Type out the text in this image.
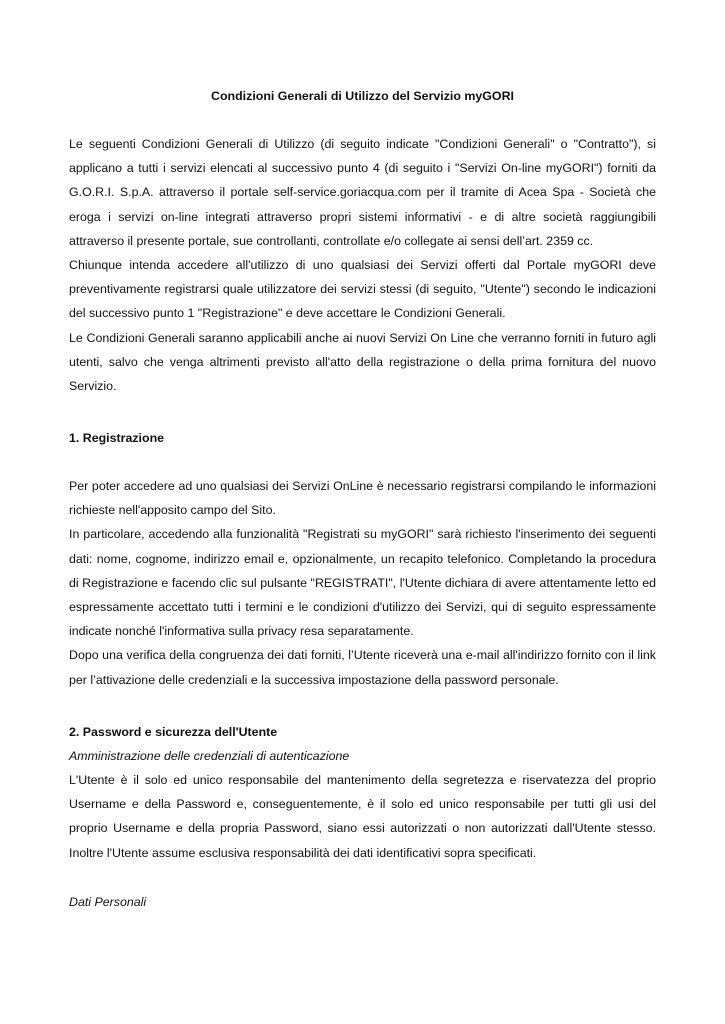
Condizioni Generali di Utilizzo del Servizio myGORI

Le seguenti Condizioni Generali di Utilizzo (di seguito indicate "Condizioni Generali" o "Contratto"), si applicano a tutti i servizi elencati al successivo punto 4 (di seguito i "Servizi On-line myGORI") forniti da G.O.R.I. S.p.A. attraverso il portale self-service.goriacqua.com per il tramite di Acea Spa - Società che eroga i servizi on-line integrati attraverso propri sistemi informativi - e di altre società raggiungibili attraverso il presente portale, sue controllanti, controllate e/o collegate ai sensi dell’art. 2359 cc.

Chiunque intenda accedere all'utilizzo di uno qualsiasi dei Servizi offerti dal Portale myGORI deve preventivamente registrarsi quale utilizzatore dei servizi stessi (di seguito, "Utente") secondo le indicazioni del successivo punto 1 "Registrazione" e deve accettare le Condizioni Generali.

Le Condizioni Generali saranno applicabili anche ai nuovi Servizi On Line che verranno forniti in futuro agli utenti, salvo che venga altrimenti previsto all'atto della registrazione o della prima fornitura del nuovo Servizio.

1. Registrazione

Per poter accedere ad uno qualsiasi dei Servizi OnLine è necessario registrarsi compilando le informazioni richieste nell'apposito campo del Sito.

In particolare, accedendo alla funzionalità "Registrati su myGORI" sarà richiesto l'inserimento dei seguenti dati: nome, cognome, indirizzo email e, opzionalmente, un recapito telefonico. Completando la procedura di Registrazione e facendo clic sul pulsante "REGISTRATI", l'Utente dichiara di avere attentamente letto ed espressamente accettato tutti i termini e le condizioni d'utilizzo dei Servizi, qui di seguito espressamente indicate nonché l'informativa sulla privacy resa separatamente.

Dopo una verifica della congruenza dei dati forniti, l’Utente riceverà una e-mail all'indirizzo fornito con il link per l’attivazione delle credenziali e la successiva impostazione della password personale.

2. Password e sicurezza dell'Utente
Amministrazione delle credenziali di autenticazione

L'Utente è il solo ed unico responsabile del mantenimento della segretezza e riservatezza del proprio Username e della Password e, conseguentemente, è il solo ed unico responsabile per tutti gli usi del proprio Username e della propria Password, siano essi autorizzati o non autorizzati dall'Utente stesso. Inoltre l'Utente assume esclusiva responsabilità dei dati identificativi sopra specificati.

Dati Personali
